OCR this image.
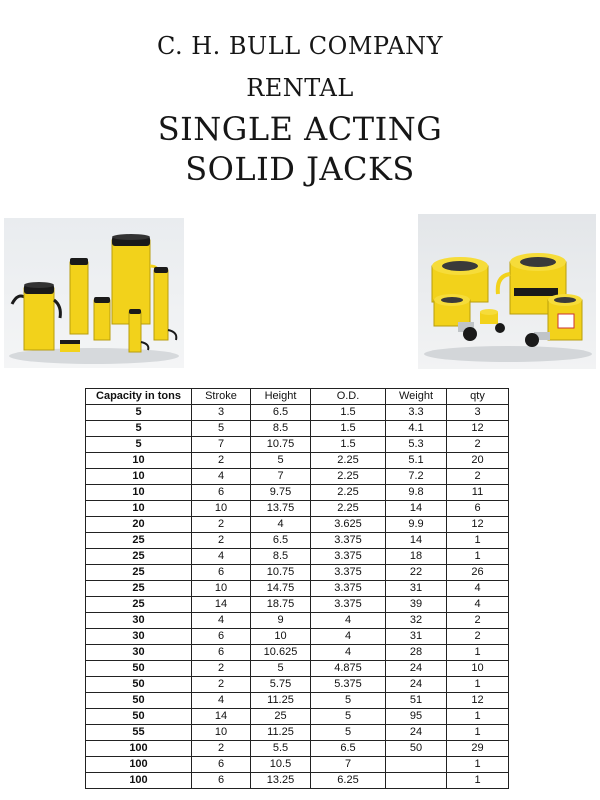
C. H. BULL COMPANY
RENTAL
SINGLE ACTING
SOLID JACKS
Capacity in tons	Stroke	Height	O.D.	Weight	qty
5	3	6.5	1.5	3.3	3
5	5	8.5	1.5	4.1	12
5	7	10.75	1.5	5.3	2
10	2	5	2.25	5.1	20
10	4	7	2.25	7.2	2
10	6	9.75	2.25	9.8	11
10	10	13.75	2.25	14	6
20	2	4	3.625	9.9	12
25	2	6.5	3.375	14	1
25	4	8.5	3.375	18	1
25	6	10.75	3.375	22	26
25	10	14.75	3.375	31	4
25	14	18.75	3.375	39	4
30	4	9	4	32	2
30	6	10	4	31	2
30	6	10.625	4	28	1
50	2	5	4.875	24	10
50	2	5.75	5.375	24	1
50	4	11.25	5	51	12
50	14	25	5	95	1
55	10	11.25	5	24	1
100	2	5.5	6.5	50	29
100	6	10.5	7		1
100	6	13.25	6.25		1
